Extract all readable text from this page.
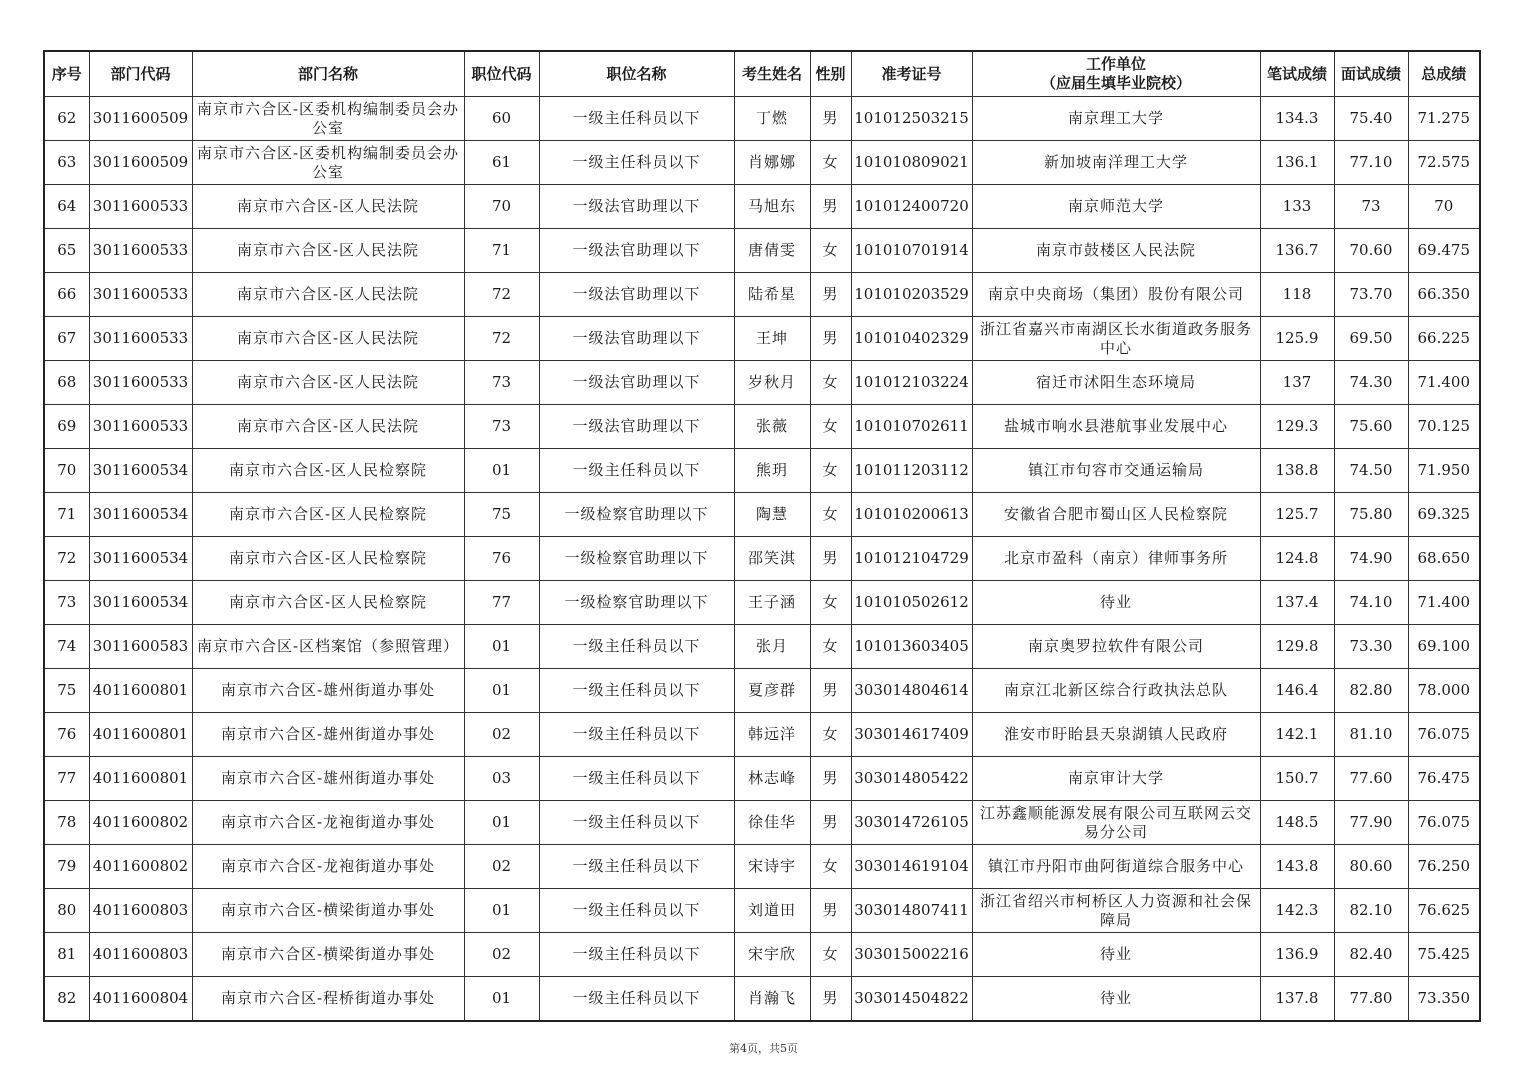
序号	部门代码	部门名称	职位代码	职位名称	考生姓名	性别	准考证号	工作单位
（应届生填毕业院校）	笔试成绩	面试成绩	总成绩
62	3011600509	南京市六合区-区委机构编制委员会办公室	60	一级主任科员以下	丁燃	男	101012503215	南京理工大学	134.3	75.40	71.275
63	3011600509	南京市六合区-区委机构编制委员会办公室	61	一级主任科员以下	肖娜娜	女	101010809021	新加坡南洋理工大学	136.1	77.10	72.575
64	3011600533	南京市六合区-区人民法院	70	一级法官助理以下	马旭东	男	101012400720	南京师范大学	133	73	70
65	3011600533	南京市六合区-区人民法院	71	一级法官助理以下	唐倩雯	女	101010701914	南京市鼓楼区人民法院	136.7	70.60	69.475
66	3011600533	南京市六合区-区人民法院	72	一级法官助理以下	陆希星	男	101010203529	南京中央商场（集团）股份有限公司	118	73.70	66.350
67	3011600533	南京市六合区-区人民法院	72	一级法官助理以下	王坤	男	101010402329	浙江省嘉兴市南湖区长水街道政务服务中心	125.9	69.50	66.225
68	3011600533	南京市六合区-区人民法院	73	一级法官助理以下	岁秋月	女	101012103224	宿迁市沭阳生态环境局	137	74.30	71.400
69	3011600533	南京市六合区-区人民法院	73	一级法官助理以下	张薇	女	101010702611	盐城市响水县港航事业发展中心	129.3	75.60	70.125
70	3011600534	南京市六合区-区人民检察院	01	一级主任科员以下	熊玥	女	101011203112	镇江市句容市交通运输局	138.8	74.50	71.950
71	3011600534	南京市六合区-区人民检察院	75	一级检察官助理以下	陶慧	女	101010200613	安徽省合肥市蜀山区人民检察院	125.7	75.80	69.325
72	3011600534	南京市六合区-区人民检察院	76	一级检察官助理以下	邵笑淇	男	101012104729	北京市盈科（南京）律师事务所	124.8	74.90	68.650
73	3011600534	南京市六合区-区人民检察院	77	一级检察官助理以下	王子涵	女	101010502612	待业	137.4	74.10	71.400
74	3011600583	南京市六合区-区档案馆（参照管理）	01	一级主任科员以下	张月	女	101013603405	南京奥罗拉软件有限公司	129.8	73.30	69.100
75	4011600801	南京市六合区-雄州街道办事处	01	一级主任科员以下	夏彦群	男	303014804614	南京江北新区综合行政执法总队	146.4	82.80	78.000
76	4011600801	南京市六合区-雄州街道办事处	02	一级主任科员以下	韩远洋	女	303014617409	淮安市盱眙县天泉湖镇人民政府	142.1	81.10	76.075
77	4011600801	南京市六合区-雄州街道办事处	03	一级主任科员以下	林志峰	男	303014805422	南京审计大学	150.7	77.60	76.475
78	4011600802	南京市六合区-龙袍街道办事处	01	一级主任科员以下	徐佳华	男	303014726105	江苏鑫顺能源发展有限公司互联网云交易分公司	148.5	77.90	76.075
79	4011600802	南京市六合区-龙袍街道办事处	02	一级主任科员以下	宋诗宇	女	303014619104	镇江市丹阳市曲阿街道综合服务中心	143.8	80.60	76.250
80	4011600803	南京市六合区-横梁街道办事处	01	一级主任科员以下	刘道田	男	303014807411	浙江省绍兴市柯桥区人力资源和社会保障局	142.3	82.10	76.625
81	4011600803	南京市六合区-横梁街道办事处	02	一级主任科员以下	宋宇欣	女	303015002216	待业	136.9	82.40	75.425
82	4011600804	南京市六合区-程桥街道办事处	01	一级主任科员以下	肖瀚飞	男	303014504822	待业	137.8	77.80	73.350
第4页，共5页
